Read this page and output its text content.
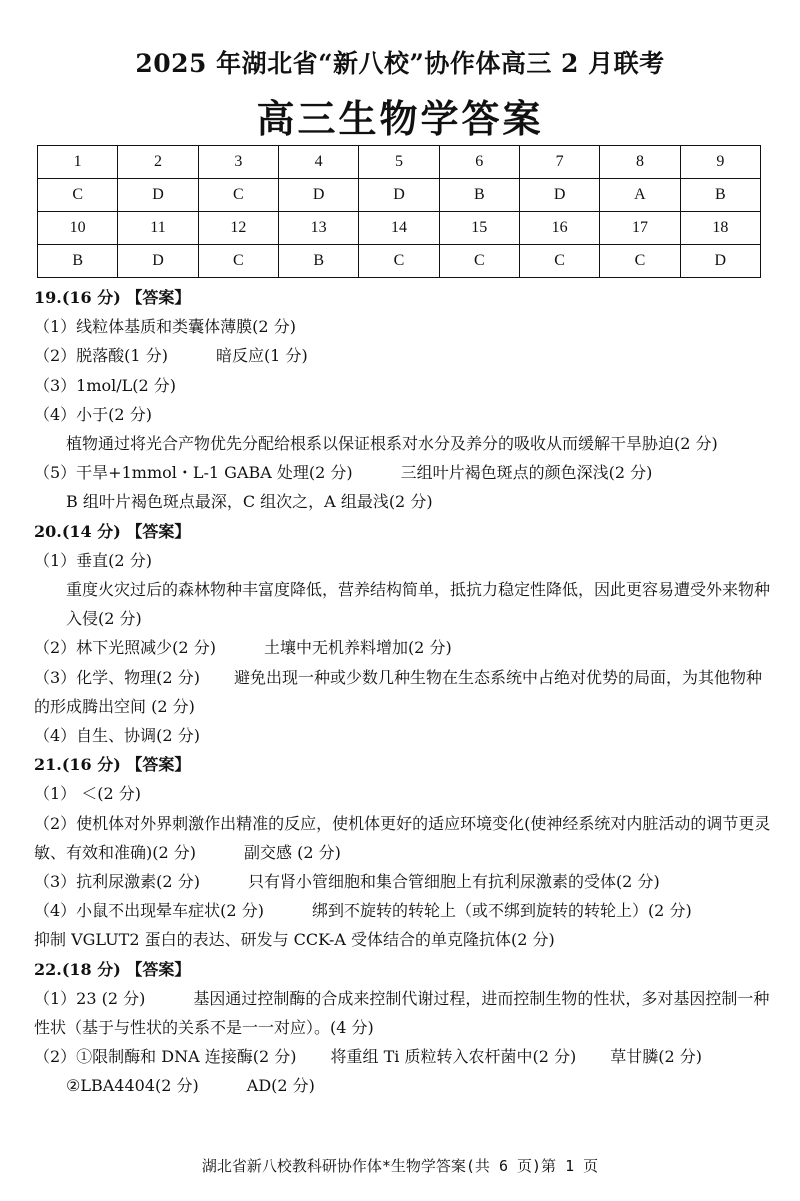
2025 年湖北省“新八校”协作体高三 2 月联考
高三生物学答案
1	2	3	4	5	6	7	8	9
C	D	C	D	D	B	D	A	B
10	11	12	13	14	15	16	17	18
B	D	C	B	C	C	C	C	D
19.(16 分) 【答案】
（1）线粒体基质和类囊体薄膜(2 分)
（2）脱落酸(1 分)	暗反应(1 分)
（3）1mol/L(2 分)
（4）小于(2 分)
植物通过将光合产物优先分配给根系以保证根系对水分及养分的吸收从而缓解干旱胁迫(2 分)
（5）干旱+1mmol・L-1 GABA 处理(2 分)	三组叶片褐色斑点的颜色深浅(2 分)
B 组叶片褐色斑点最深，C 组次之，A 组最浅(2 分)
20.(14 分) 【答案】
（1）垂直(2 分)
重度火灾过后的森林物种丰富度降低，营养结构简单，抵抗力稳定性降低，因此更容易遭受外来物种入侵(2 分)
（2）林下光照减少(2 分)	土壤中无机养料增加(2 分)
（3）化学、物理(2 分) 避免出现一种或少数几种生物在生态系统中占绝对优势的局面，为其他物种的形成腾出空间 (2 分)
（4）自生、协调(2 分)
21.(16 分) 【答案】
（1） ＜(2 分)
（2）使机体对外界刺激作出精准的反应，使机体更好的适应环境变化(使神经系统对内脏活动的调节更灵敏、有效和准确)(2 分)	副交感 (2 分)
（3）抗利尿激素(2 分)	只有肾小管细胞和集合管细胞上有抗利尿激素的受体(2 分)
（4）小鼠不出现晕车症状(2 分)	绑到不旋转的转轮上（或不绑到旋转的转轮上）(2 分)
抑制 VGLUT2 蛋白的表达、研发与 CCK-A 受体结合的单克隆抗体(2 分)
22.(18 分) 【答案】
（1）23 (2 分)	基因通过控制酶的合成来控制代谢过程，进而控制生物的性状，多对基因控制一种性状（基于与性状的关系不是一一对应）。(4 分)
（2）①限制酶和 DNA 连接酶(2 分) 将重组 Ti 质粒转入农杆菌中(2 分) 草甘膦(2 分)
②LBA4404(2 分)	AD(2 分)
湖北省新八校教科研协作体*生物学答案(共 6 页)第 1 页
